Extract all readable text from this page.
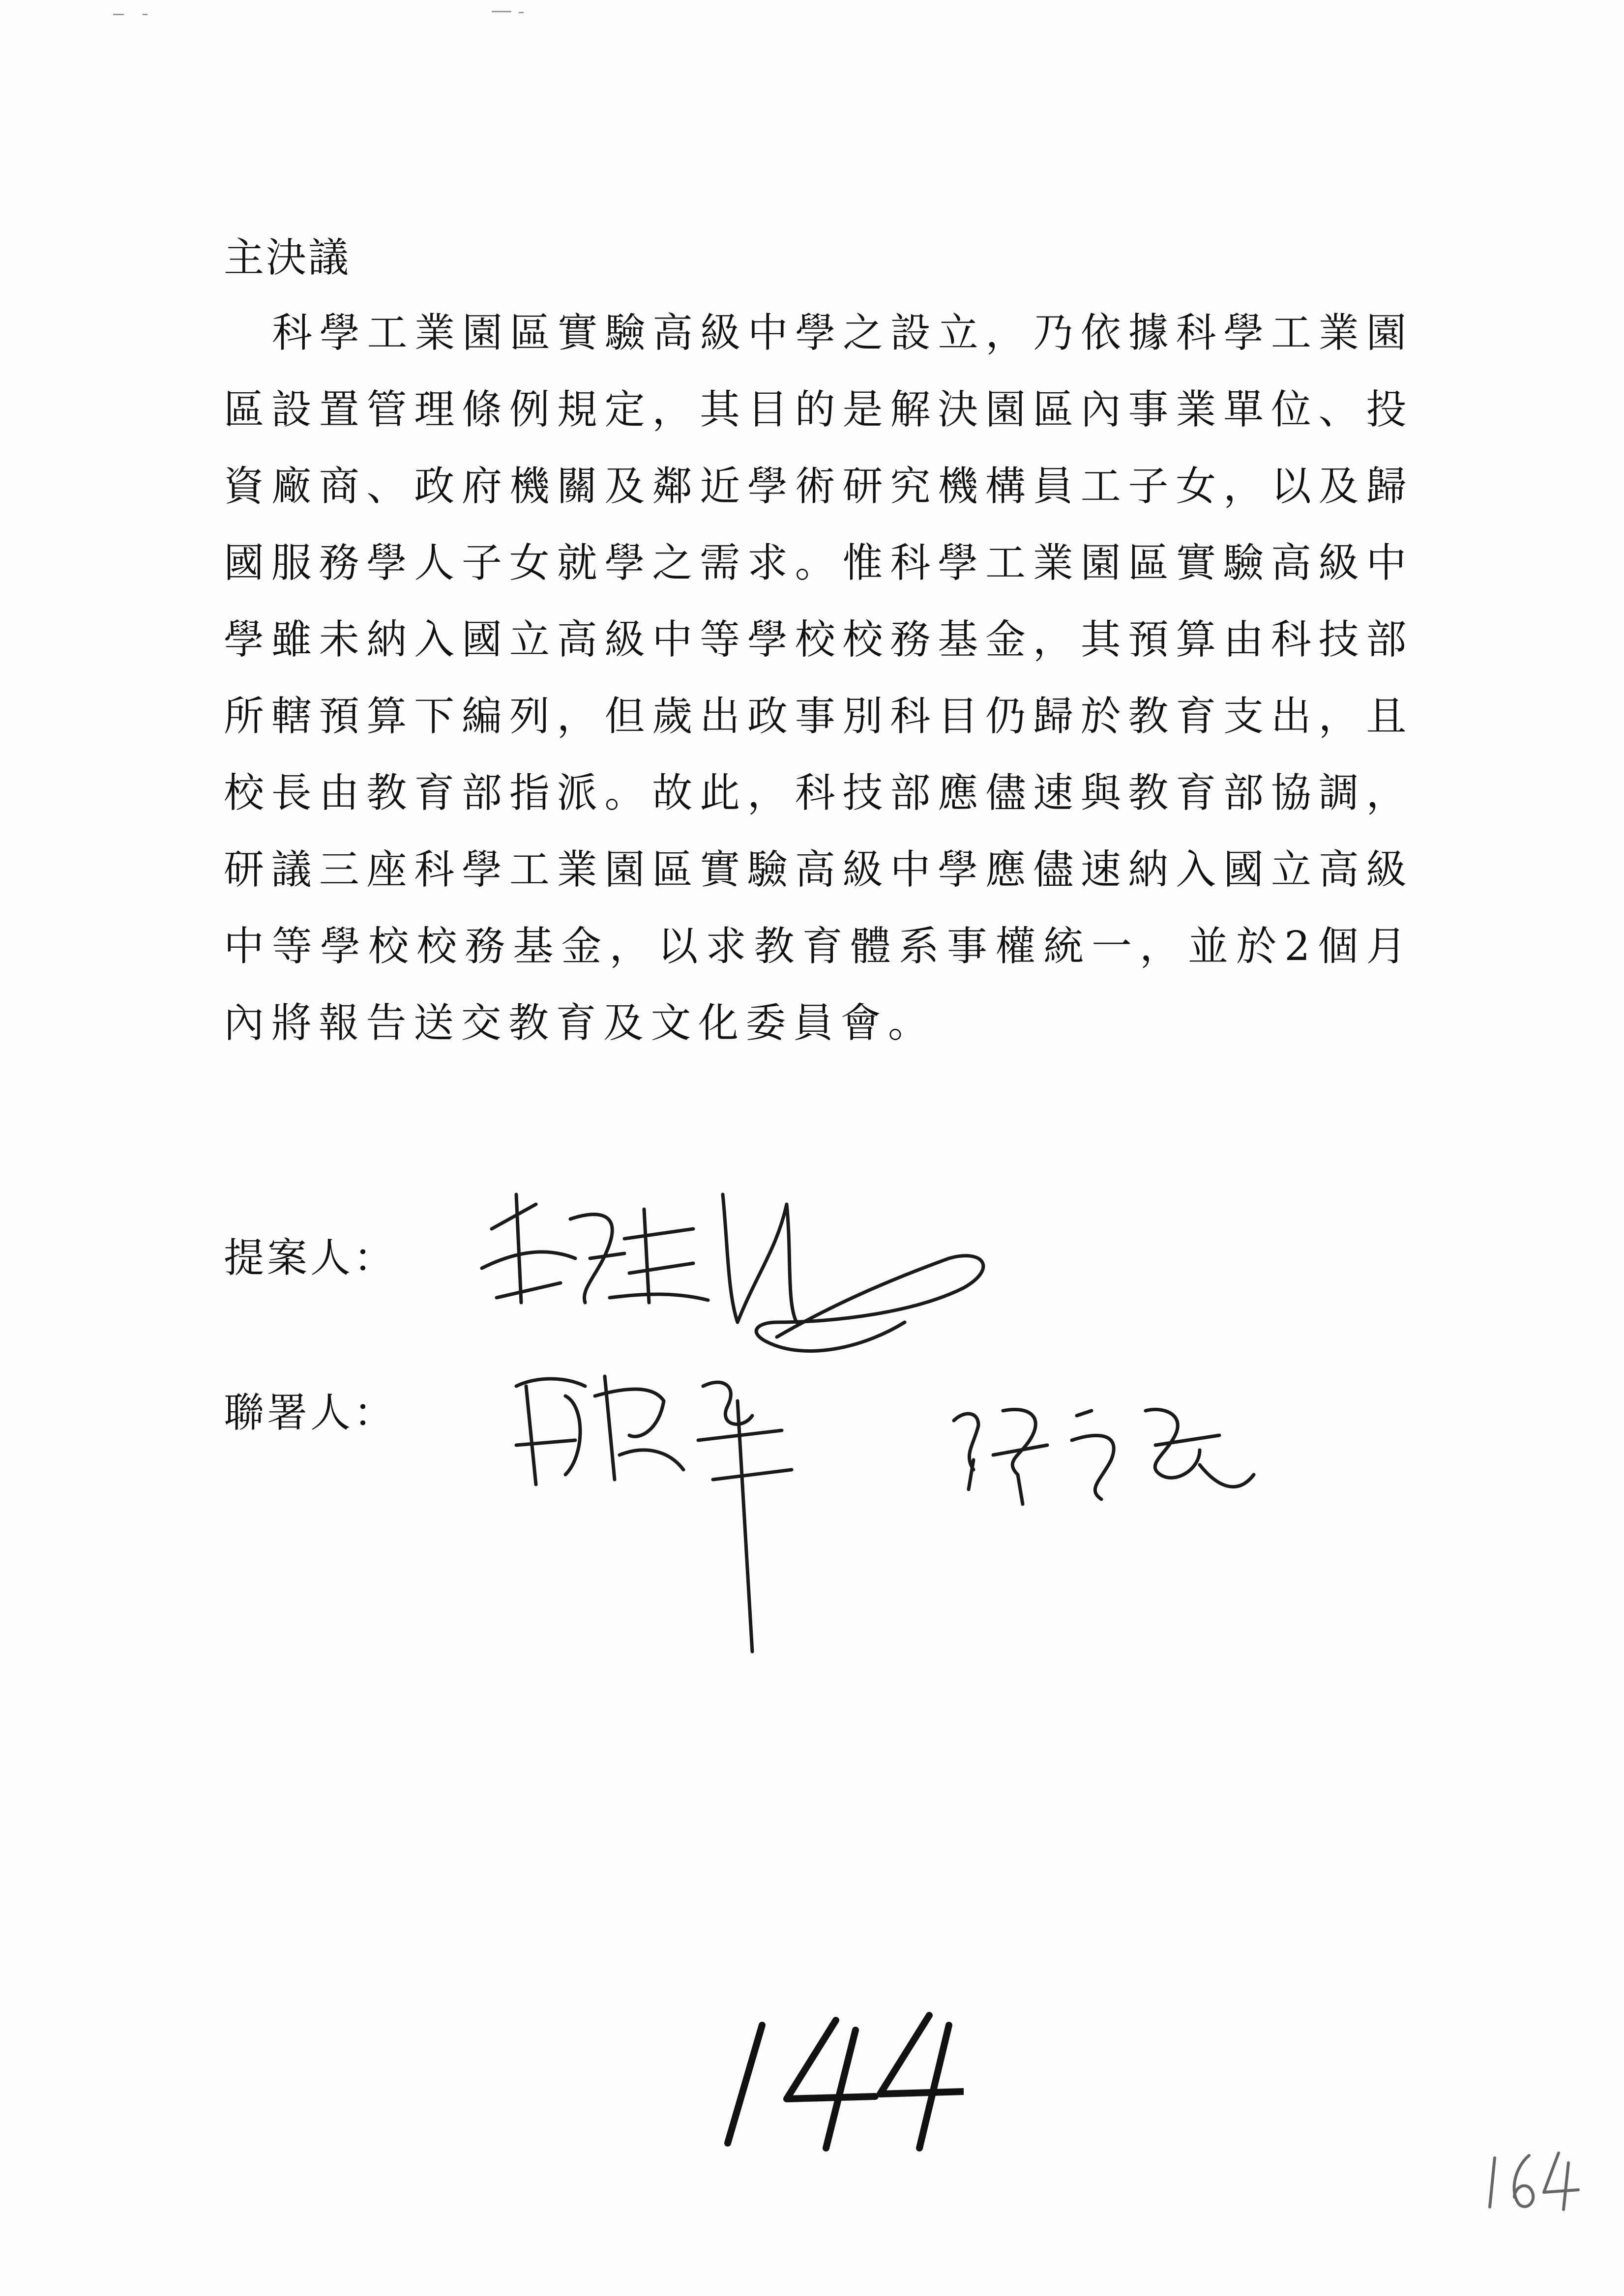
主決議

科學工業園區實驗高級中學之設立，乃依據科學工業園區設置管理條例規定，其目的是解決園區內事業單位、投資廠商、政府機關及鄰近學術研究機構員工子女，以及歸國服務學人子女就學之需求。惟科學工業園區實驗高級中學雖未納入國立高級中等學校校務基金，其預算由科技部所轄預算下編列，但歲出政事別科目仍歸於教育支出，且校長由教育部指派。故此，科技部應儘速與教育部協調，研議三座科學工業園區實驗高級中學應儘速納入國立高級中等學校校務基金，以求教育體系事權統一，並於2個月內將報告送交教育及文化委員會。

提案人：
聯署人：
144
164
